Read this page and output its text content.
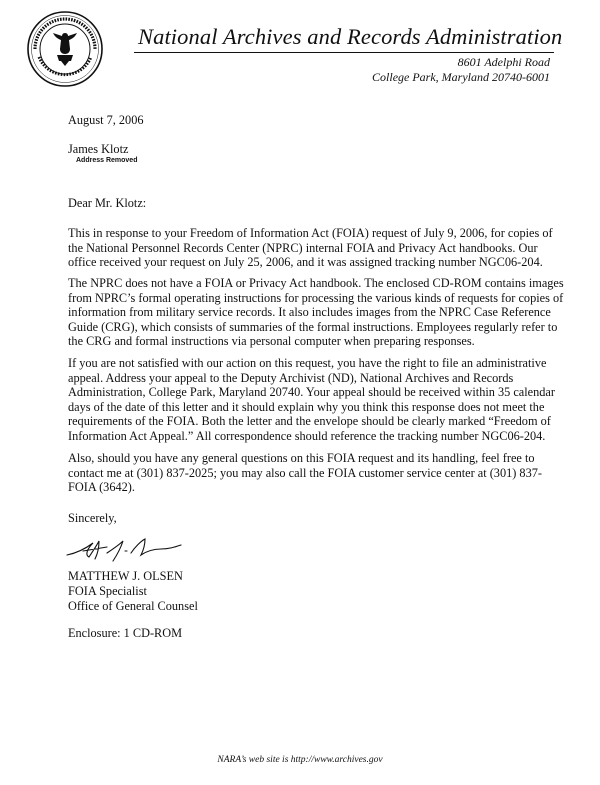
National Archives and Records Administration
8601 Adelphi Road
College Park, Maryland 20740-6001
August 7, 2006
James Klotz
Address Removed
Dear Mr. Klotz:
This in response to your Freedom of Information Act (FOIA) request of July 9, 2006, for copies of
the National Personnel Records Center (NPRC) internal FOIA and Privacy Act handbooks. Our
office received your request on July 25, 2006, and it was assigned tracking number NGC06-204.
The NPRC does not have a FOIA or Privacy Act handbook. The enclosed CD-ROM contains images
from NPRC’s formal operating instructions for processing the various kinds of requests for copies of
information from military service records. It also includes images from the NPRC Case Reference
Guide (CRG), which consists of summaries of the formal instructions. Employees regularly refer to
the CRG and formal instructions via personal computer when preparing responses.
If you are not satisfied with our action on this request, you have the right to file an administrative
appeal. Address your appeal to the Deputy Archivist (ND), National Archives and Records
Administration, College Park, Maryland 20740. Your appeal should be received within 35 calendar
days of the date of this letter and it should explain why you think this response does not meet the
requirements of the FOIA. Both the letter and the envelope should be clearly marked “Freedom of
Information Act Appeal.” All correspondence should reference the tracking number NGC06-204.
Also, should you have any general questions on this FOIA request and its handling, feel free to
contact me at (301) 837-2025; you may also call the FOIA customer service center at (301) 837-
FOIA (3642).
Sincerely,
MATTHEW J. OLSEN
FOIA Specialist
Office of General Counsel
Enclosure: 1 CD-ROM
NARA’s web site is http://www.archives.gov
